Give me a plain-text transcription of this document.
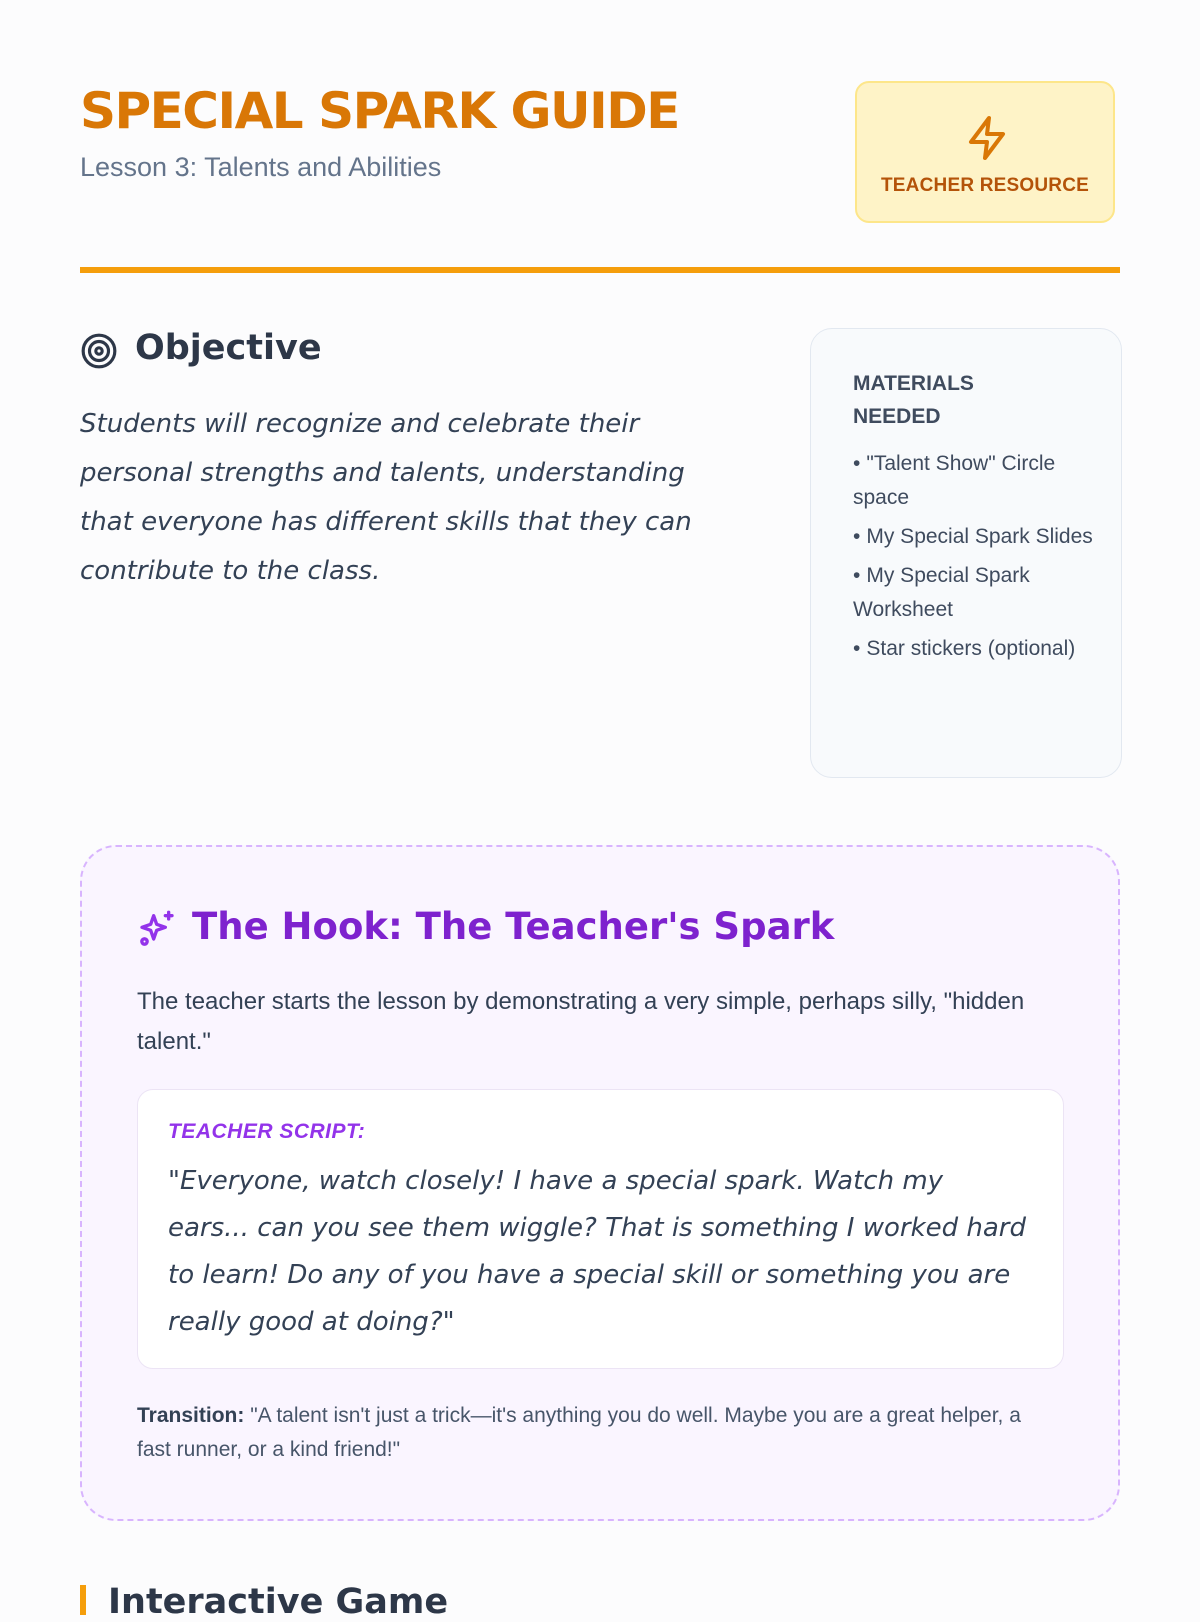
SPECIAL SPARK GUIDE
Lesson 3: Talents and Abilities
TEACHER RESOURCE
Objective

Students will recognize and celebrate their personal strengths and talents, understanding that everyone has different skills that they can contribute to the class.

MATERIALS NEEDED
• "Talent Show" Circle space
• My Special Spark Slides
• My Special Spark Worksheet
• Star stickers (optional)
The Hook: The Teacher's Spark

The teacher starts the lesson by demonstrating a very simple, perhaps silly, "hidden talent."

TEACHER SCRIPT:

"Everyone, watch closely! I have a special spark. Watch my ears... can you see them wiggle? That is something I worked hard to learn! Do any of you have a special skill or something you are really good at doing?"

Transition: "A talent isn't just a trick—it's anything you do well. Maybe you are a great helper, a fast runner, or a kind friend!"

Interactive Game
